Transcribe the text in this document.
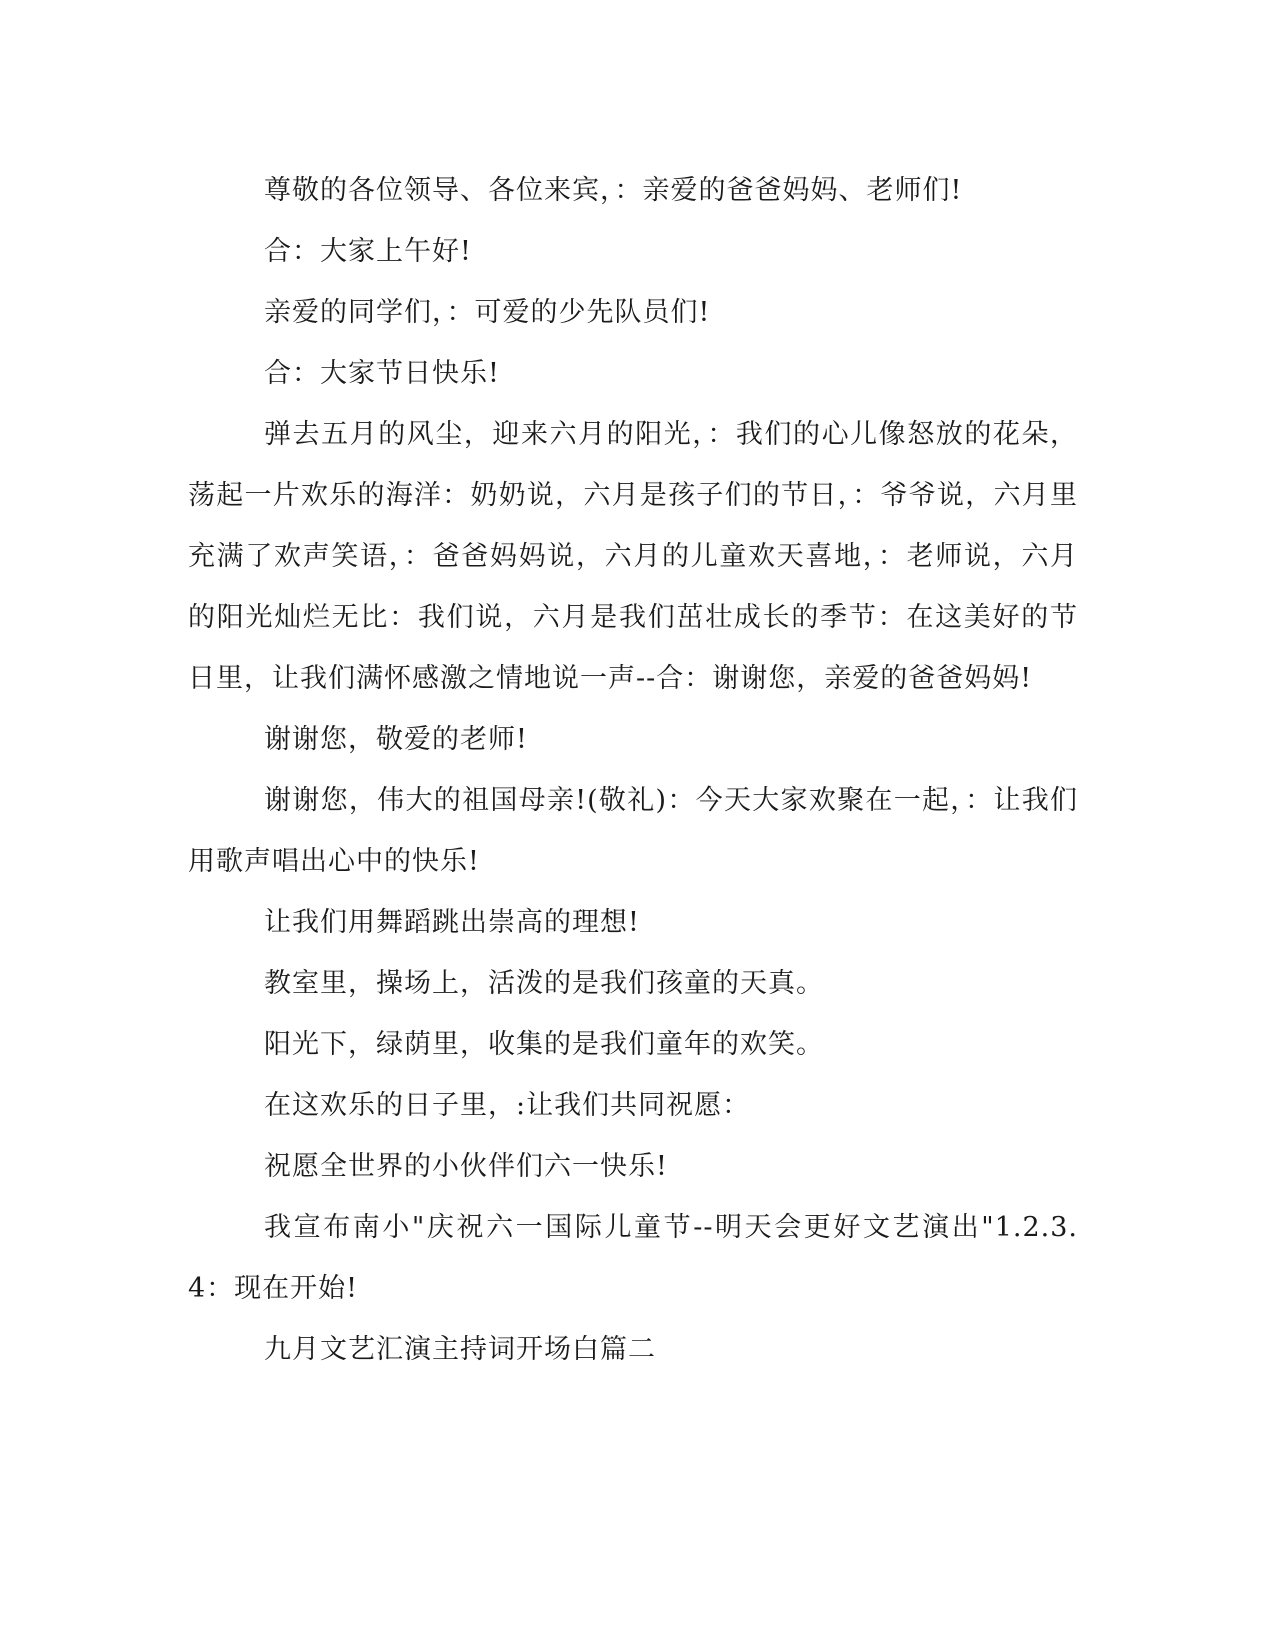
尊敬的各位领导、各位来宾，：亲爱的爸爸妈妈、老师们!

合：大家上午好!

亲爱的同学们，：可爱的少先队员们!

合：大家节日快乐!

弹去五月的风尘，迎来六月的阳光，：我们的心儿像怒放的花朵，荡起一片欢乐的海洋：奶奶说，六月是孩子们的节日，：爷爷说，六月里充满了欢声笑语，：爸爸妈妈说，六月的儿童欢天喜地，：老师说，六月的阳光灿烂无比：我们说，六月是我们茁壮成长的季节：在这美好的节日里，让我们满怀感激之情地说一声--合：谢谢您，亲爱的爸爸妈妈!

谢谢您，敬爱的老师!

谢谢您，伟大的祖国母亲!(敬礼)：今天大家欢聚在一起，：让我们用歌声唱出心中的快乐!

让我们用舞蹈跳出崇高的理想!

教室里，操场上，活泼的是我们孩童的天真。

阳光下，绿荫里，收集的是我们童年的欢笑。

在这欢乐的日子里，:让我们共同祝愿：

祝愿全世界的小伙伴们六一快乐!

我宣布南小"庆祝六一国际儿童节--明天会更好文艺演出"1.2.3.4：现在开始!

九月文艺汇演主持词开场白篇二
